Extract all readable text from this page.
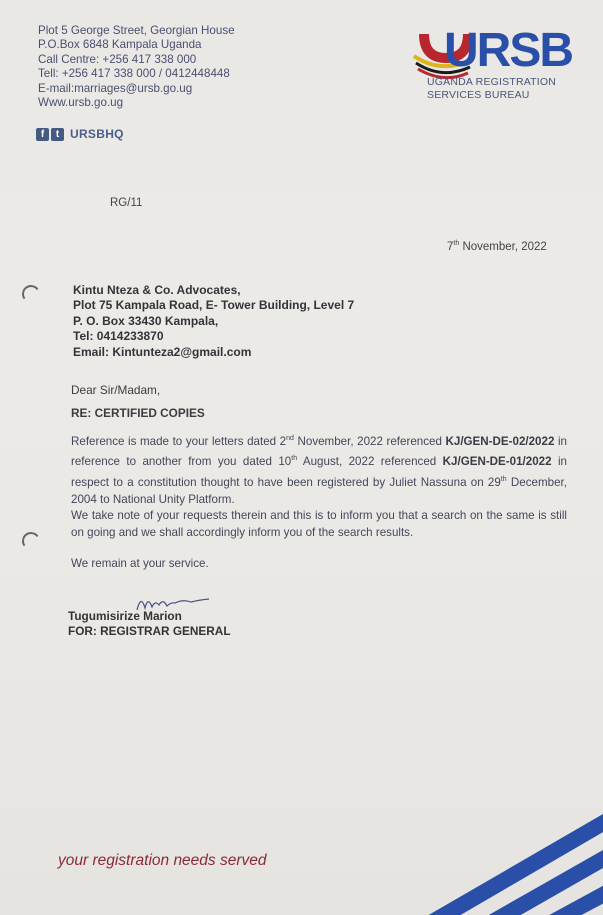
Plot 5 George Street, Georgian House
P.O.Box 6848 Kampala Uganda
Call Centre: +256 417 338 000
Tell: +256 417 338 000 / 0412448448
E-mail:marriages@ursb.go.ug
Www.ursb.go.ug
f	t URSBHQ
URSB
UGANDA REGISTRATION
SERVICES BUREAU
RG/11
7th November, 2022
Kintu Nteza & Co. Advocates,
Plot 75 Kampala Road, E- Tower Building, Level 7
P. O. Box 33430 Kampala,
Tel: 0414233870
Email: Kintunteza2@gmail.com
Dear Sir/Madam,
RE: CERTIFIED COPIES
Reference is made to your letters dated 2nd November, 2022 referenced KJ/GEN-DE-02/2022 in reference to another from you dated 10th August, 2022 referenced KJ/GEN-DE-01/2022 in respect to a constitution thought to have been registered by Juliet Nassuna on 29th December, 2004 to National Unity Platform.
We take note of your requests therein and this is to inform you that a search on the same is still on going and we shall accordingly inform you of the search results.
We remain at your service.
Tugumisirize Marion
FOR: REGISTRAR GENERAL
your registration needs served
